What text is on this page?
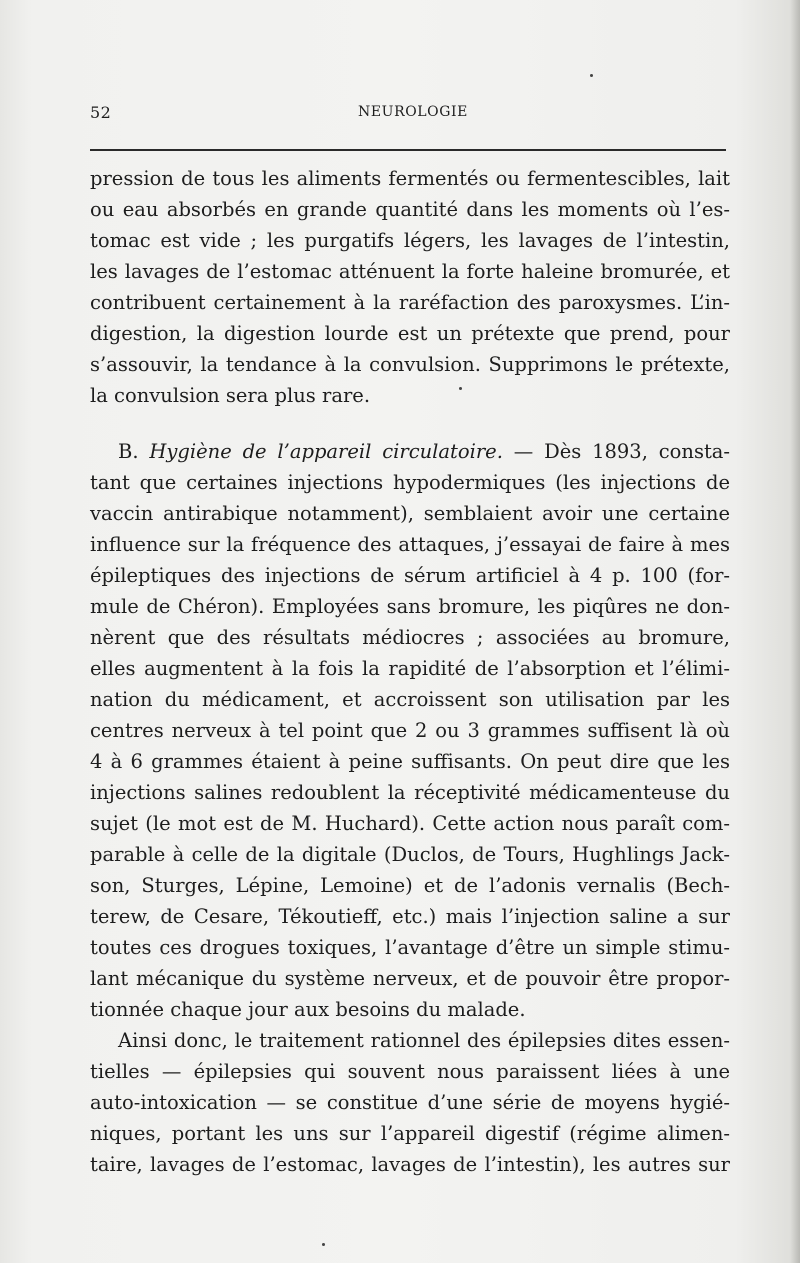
52	NEUROLOGIE
pression de tous les aliments fermentés ou fermentescibles, lait
ou eau absorbés en grande quantité dans les moments où l’es-
tomac est vide ; les purgatifs légers, les lavages de l’intestin,
les lavages de l’estomac atténuent la forte haleine bromurée, et
contribuent certainement à la raréfaction des paroxysmes. L’in-
digestion, la digestion lourde est un prétexte que prend, pour
s’assouvir, la tendance à la convulsion. Supprimons le prétexte,
la convulsion sera plus rare.
B. Hygiène de l’appareil circulatoire. — Dès 1893, consta-
tant que certaines injections hypodermiques (les injections de
vaccin antirabique notamment), semblaient avoir une certaine
influence sur la fréquence des attaques, j’essayai de faire à mes
épileptiques des injections de sérum artificiel à 4 p. 100 (for-
mule de Chéron). Employées sans bromure, les piqûres ne don-
nèrent que des résultats médiocres ; associées au bromure,
elles augmentent à la fois la rapidité de l’absorption et l’élimi-
nation du médicament, et accroissent son utilisation par les
centres nerveux à tel point que 2 ou 3 grammes suffisent là où
4 à 6 grammes étaient à peine suffisants. On peut dire que les
injections salines redoublent la réceptivité médicamenteuse du
sujet (le mot est de M. Huchard). Cette action nous paraît com-
parable à celle de la digitale (Duclos, de Tours, Hughlings Jack-
son, Sturges, Lépine, Lemoine) et de l’adonis vernalis (Bech-
terew, de Cesare, Tékoutieff, etc.) mais l’injection saline a sur
toutes ces drogues toxiques, l’avantage d’être un simple stimu-
lant mécanique du système nerveux, et de pouvoir être propor-
tionnée chaque jour aux besoins du malade.
Ainsi donc, le traitement rationnel des épilepsies dites essen-
tielles — épilepsies qui souvent nous paraissent liées à une
auto-intoxication — se constitue d’une série de moyens hygié-
niques, portant les uns sur l’appareil digestif (régime alimen-
taire, lavages de l’estomac, lavages de l’intestin), les autres sur
